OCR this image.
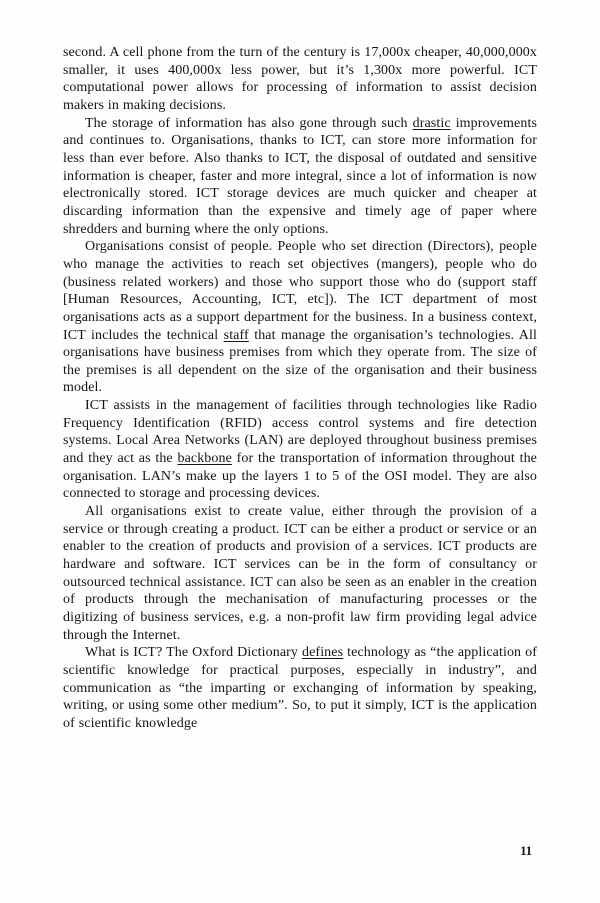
second. A cell phone from the turn of the century is 17,000x cheaper, 40,000,000x smaller, it uses 400,000x less power, but it’s 1,300x more powerful. ICT computational power allows for processing of information to assist decision makers in making decisions.

The storage of information has also gone through such drastic improvements and continues to. Organisations, thanks to ICT, can store more information for less than ever before. Also thanks to ICT, the disposal of outdated and sensitive information is cheaper, faster and more integral, since a lot of information is now electronically stored. ICT storage devices are much quicker and cheaper at discarding information than the expensive and timely age of paper where shredders and burning where the only options.

Organisations consist of people. People who set direction (Directors), people who manage the activities to reach set objectives (mangers), people who do (business related workers) and those who support those who do (support staff [Human Resources, Accounting, ICT, etc]). The ICT department of most organisations acts as a support department for the business. In a business context, ICT includes the technical staff that manage the organisation’s technologies. All organisations have business premises from which they operate from. The size of the premises is all dependent on the size of the organisation and their business model.

ICT assists in the management of facilities through technologies like Radio Frequency Identification (RFID) access control systems and fire detection systems. Local Area Networks (LAN) are deployed throughout business premises and they act as the backbone for the transportation of information throughout the organisation. LAN’s make up the layers 1 to 5 of the OSI model. They are also connected to storage and processing devices.

All organisations exist to create value, either through the provision of a service or through creating a product. ICT can be either a product or service or an enabler to the creation of products and provision of a services. ICT products are hardware and software. ICT services can be in the form of consultancy or outsourced technical assistance. ICT can also be seen as an enabler in the creation of products through the mechanisation of manufacturing processes or the digitizing of business services, e.g. a non-profit law firm providing legal advice through the Internet.

What is ICT? The Oxford Dictionary defines technology as “the application of scientific knowledge for practical purposes, especially in industry”, and communication as “the imparting or exchanging of information by speaking, writing, or using some other medium”. So, to put it simply, ICT is the application of scientific knowledge

11
